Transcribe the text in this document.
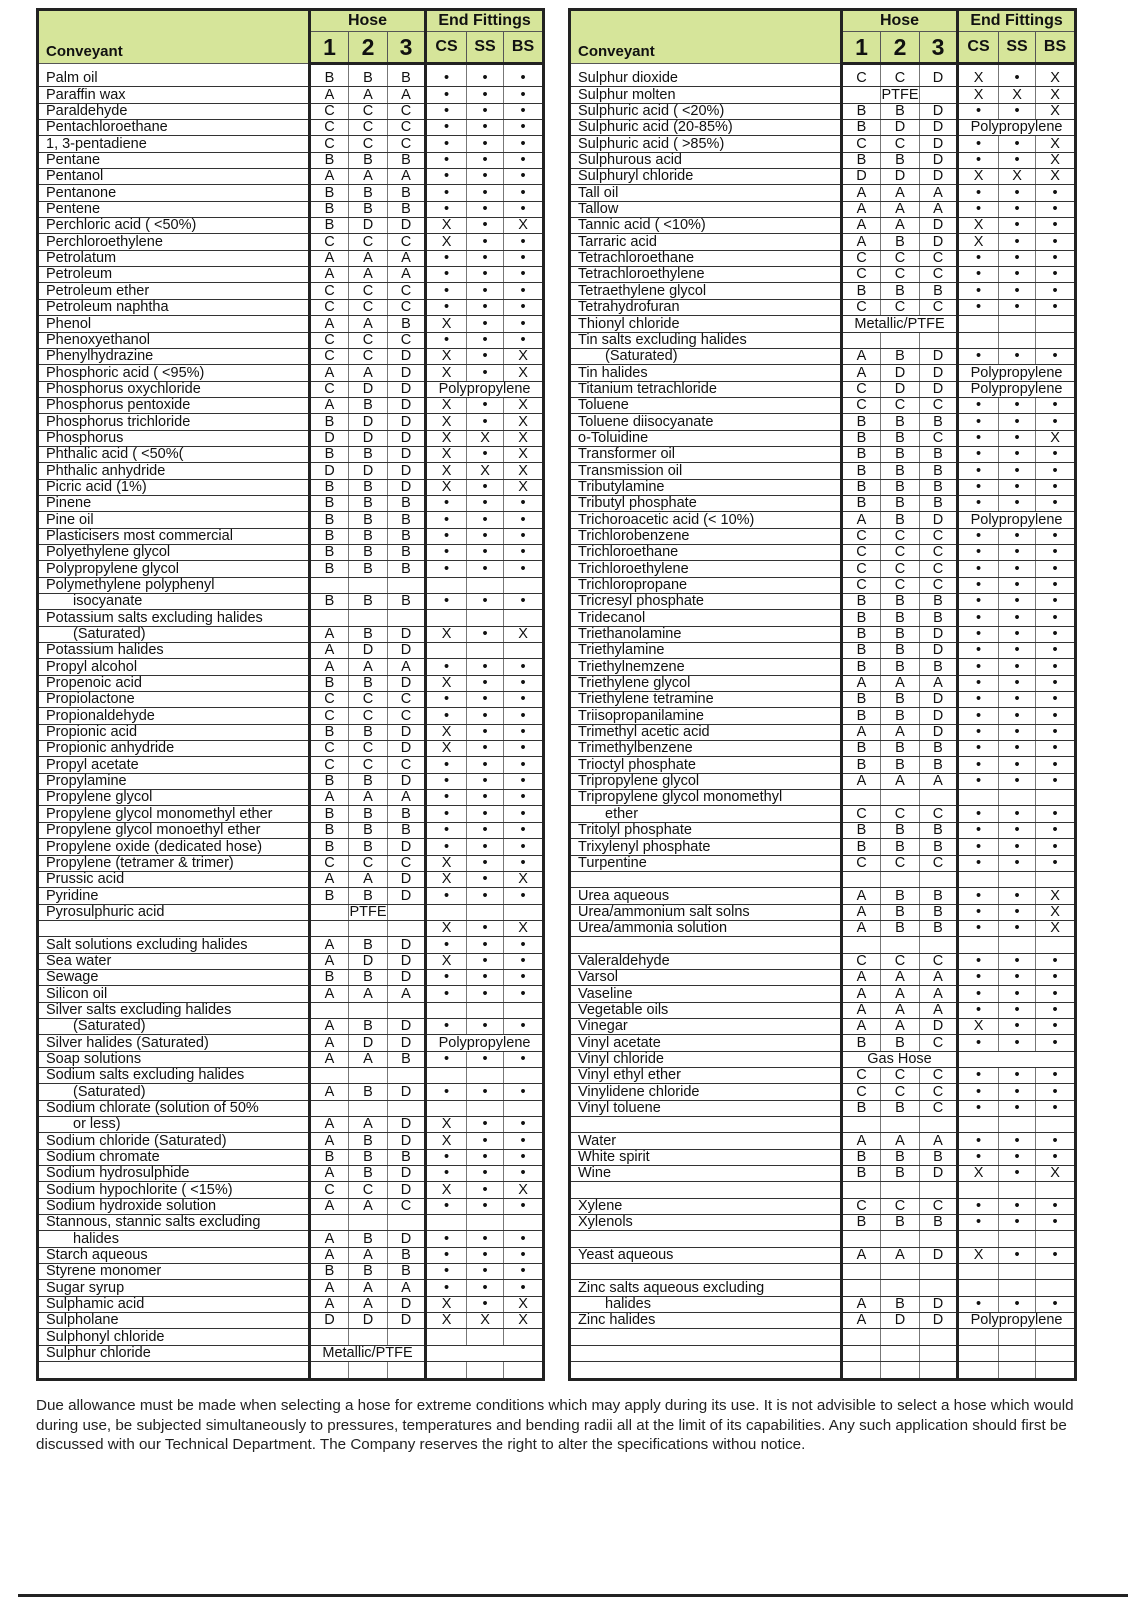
Conveyant	Hose			End Fittings		
	1	2	3	CS	SS	BS

Palm oil	B	B	B	•	•	•
Paraffin wax	A	A	A	•	•	•
Paraldehyde	C	C	C	•	•	•
Pentachloroethane	C	C	C	•	•	•
1, 3-pentadiene	C	C	C	•	•	•
Pentane	B	B	B	•	•	•
Pentanol	A	A	A	•	•	•
Pentanone	B	B	B	•	•	•
Pentene	B	B	B	•	•	•
Perchloric acid ( <50%)	B	D	D	X	•	X
Perchloroethylene	C	C	C	X	•	•
Petrolatum	A	A	A	•	•	•
Petroleum	A	A	A	•	•	•
Petroleum ether	C	C	C	•	•	•
Petroleum naphtha	C	C	C	•	•	•
Phenol	A	A	B	X	•	•
Phenoxyethanol	C	C	C	•	•	•
Phenylhydrazine	C	C	D	X	•	X
Phosphoric acid ( <95%)	A	A	D	X	•	X
Phosphorus oxychloride	C	D	D	Polypropylene		
Phosphorus pentoxide	A	B	D	X	•	X
Phosphorus trichloride	B	D	D	X	•	X
Phosphorus	D	D	D	X	X	X
Phthalic acid ( <50%(	B	B	D	X	•	X
Phthalic anhydride	D	D	D	X	X	X
Picric acid (1%)	B	B	D	X	•	X
Pinene	B	B	B	•	•	•
Pine oil	B	B	B	•	•	•
Plasticisers most commercial	B	B	B	•	•	•
Polyethylene glycol	B	B	B	•	•	•
Polypropylene glycol	B	B	B	•	•	•
Polymethylene polyphenyl						
isocyanate	B	B	B	•	•	•
Potassium salts excluding halides						
(Saturated)	A	B	D	X	•	X
Potassium halides	A	D	D			
Propyl alcohol	A	A	A	•	•	•
Propenoic acid	B	B	D	X	•	•
Propiolactone	C	C	C	•	•	•
Propionaldehyde	C	C	C	•	•	•
Propionic acid	B	B	D	X	•	•
Propionic anhydride	C	C	D	X	•	•
Propyl acetate	C	C	C	•	•	•
Propylamine	B	B	D	•	•	•
Propylene glycol	A	A	A	•	•	•
Propylene glycol monomethyl ether	B	B	B	•	•	•
Propylene glycol monoethyl ether	B	B	B	•	•	•
Propylene oxide (dedicated hose)	B	B	D	•	•	•
Propylene (tetramer & trimer)	C	C	C	X	•	•
Prussic acid	A	A	D	X	•	X
Pyridine	B	B	D	•	•	•
Pyrosulphuric acid		PTFE				
				X	•	X
Salt solutions excluding halides	A	B	D	•	•	•
Sea water	A	D	D	X	•	•
Sewage	B	B	D	•	•	•
Silicon oil	A	A	A	•	•	•
Silver salts excluding halides						
(Saturated)	A	B	D	•	•	•
Silver halides (Saturated)	A	D	D	Polypropylene		
Soap solutions	A	A	B	•	•	•
Sodium salts excluding halides						
(Saturated)	A	B	D	•	•	•
Sodium chlorate (solution of 50%						
or less)	A	A	D	X	•	•
Sodium chloride (Saturated)	A	B	D	X	•	•
Sodium chromate	B	B	B	•	•	•
Sodium hydrosulphide	A	B	D	•	•	•
Sodium hypochlorite ( <15%)	C	C	D	X	•	X
Sodium hydroxide solution	A	A	C	•	•	•
Stannous, stannic salts excluding						
halides	A	B	D	•	•	•
Starch aqueous	A	A	B	•	•	•
Styrene monomer	B	B	B	•	•	•
Sugar syrup	A	A	A	•	•	•
Sulphamic acid	A	A	D	X	•	X
Sulpholane	D	D	D	X	X	X
Sulphonyl chloride						
Sulphur chloride	Metallic/PTFE					

Conveyant	Hose			End Fittings		
	1	2	3	CS	SS	BS

Sulphur dioxide	C	C	D	X	•	X
Sulphur molten		PTFE		X	X	X
Sulphuric acid ( <20%)	B	B	D	•	•	X
Sulphuric acid (20-85%)	B	D	D	Polypropylene		
Sulphuric acid ( >85%)	C	C	D	•	•	X
Sulphurous acid	B	B	D	•	•	X
Sulphuryl chloride	D	D	D	X	X	X
Tall oil	A	A	A	•	•	•
Tallow	A	A	A	•	•	•
Tannic acid ( <10%)	A	A	D	X	•	•
Tarraric acid	A	B	D	X	•	•
Tetrachloroethane	C	C	C	•	•	•
Tetrachloroethylene	C	C	C	•	•	•
Tetraethylene glycol	B	B	B	•	•	•
Tetrahydrofuran	C	C	C	•	•	•
Thionyl chloride	Metallic/PTFE					
Tin salts excluding halides						
(Saturated)	A	B	D	•	•	•
Tin halides	A	D	D	Polypropylene		
Titanium tetrachloride	C	D	D	Polypropylene		
Toluene	C	C	C	•	•	•
Toluene diisocyanate	B	B	B	•	•	•
o-Toluidine	B	B	C	•	•	X
Transformer oil	B	B	B	•	•	•
Transmission oil	B	B	B	•	•	•
Tributylamine	B	B	B	•	•	•
Tributyl phosphate	B	B	B	•	•	•
Trichoroacetic acid (< 10%)	A	B	D	Polypropylene		
Trichlorobenzene	C	C	C	•	•	•
Trichloroethane	C	C	C	•	•	•
Trichloroethylene	C	C	C	•	•	•
Trichloropropane	C	C	C	•	•	•
Tricresyl phosphate	B	B	B	•	•	•
Tridecanol	B	B	B	•	•	•
Triethanolamine	B	B	D	•	•	•
Triethylamine	B	B	D	•	•	•
Triethylnemzene	B	B	B	•	•	•
Triethylene glycol	A	A	A	•	•	•
Triethylene tetramine	B	B	D	•	•	•
Triisopropanilamine	B	B	D	•	•	•
Trimethyl acetic acid	A	A	D	•	•	•
Trimethylbenzene	B	B	B	•	•	•
Trioctyl phosphate	B	B	B	•	•	•
Tripropylene glycol	A	A	A	•	•	•
Tripropylene glycol monomethyl						
ether	C	C	C	•	•	•
Tritolyl phosphate	B	B	B	•	•	•
Trixylenyl phosphate	B	B	B	•	•	•
Turpentine	C	C	C	•	•	•

Urea aqueous	A	B	B	•	•	X
Urea/ammonium salt solns	A	B	B	•	•	X
Urea/ammonia solution	A	B	B	•	•	X

Valeraldehyde	C	C	C	•	•	•
Varsol	A	A	A	•	•	•
Vaseline	A	A	A	•	•	•
Vegetable oils	A	A	A	•	•	•
Vinegar	A	A	D	X	•	•
Vinyl acetate	B	B	C	•	•	•
Vinyl chloride	Gas Hose					
Vinyl ethyl ether	C	C	C	•	•	•
Vinylidene chloride	C	C	C	•	•	•
Vinyl toluene	B	B	C	•	•	•

Water	A	A	A	•	•	•
White spirit	B	B	B	•	•	•
Wine	B	B	D	X	•	X

Xylene	C	C	C	•	•	•
Xylenols	B	B	B	•	•	•

Yeast aqueous	A	A	D	X	•	•

Zinc salts aqueous excluding						
halides	A	B	D	•	•	•
Zinc halides	A	D	D	Polypropylene		

Due allowance must be made when selecting a hose for extreme conditions which may apply during its use. It is not advisible to select a hose which would during use, be subjected simultaneously to pressures, temperatures and bending radii all at the limit of its capabilities. Any such application should first be discussed with our Technical Department. The Company reserves the right to alter the specifications withou notice.
